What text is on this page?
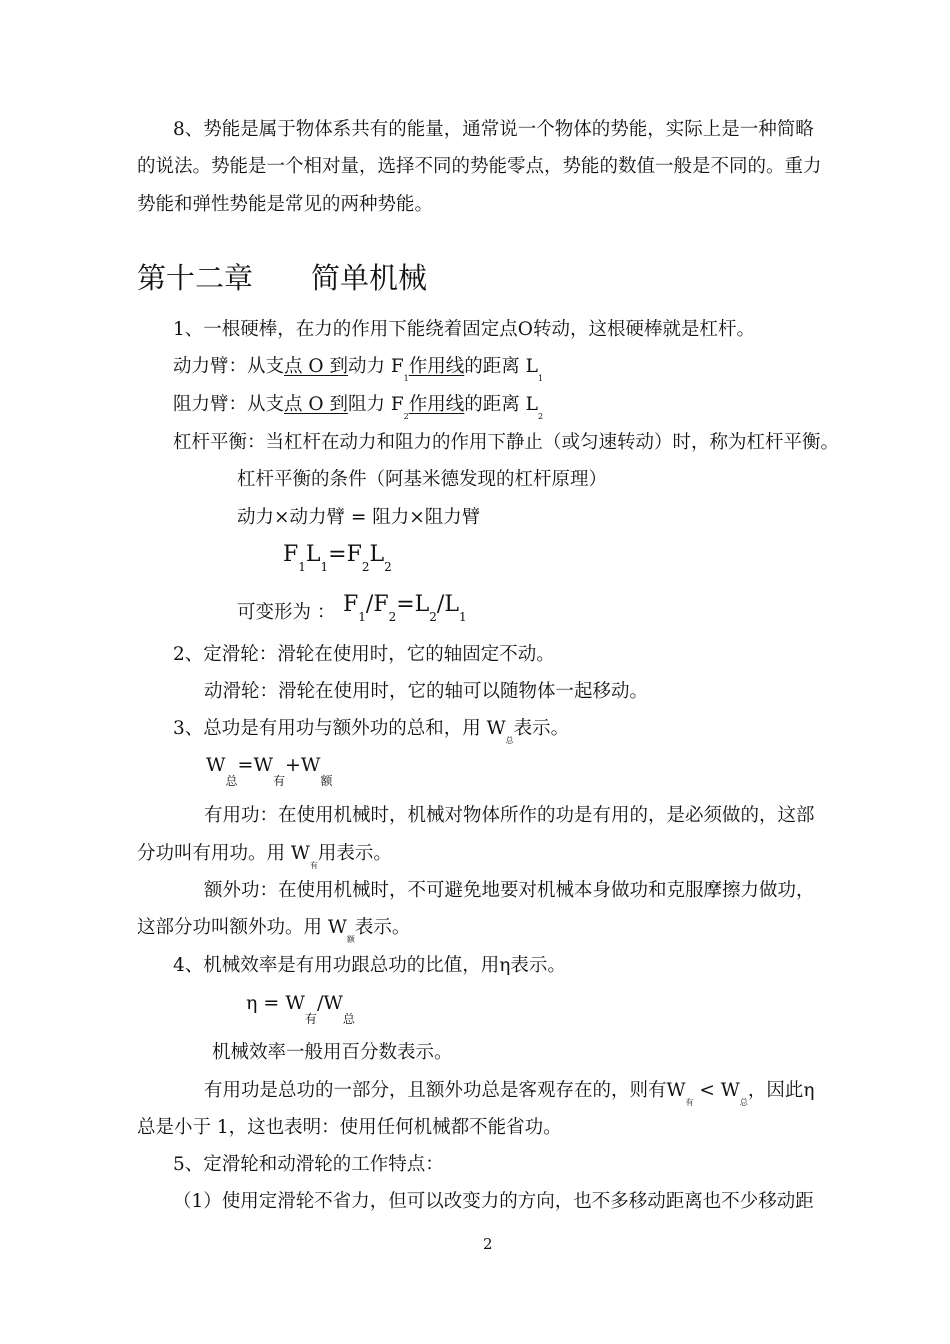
8、势能是属于物体系共有的能量，通常说一个物体的势能，实际上是一种简略
的说法。势能是一个相对量，选择不同的势能零点，势能的数值一般是不同的。重力
势能和弹性势能是常见的两种势能。
第十二章　　简单机械
1、一根硬棒，在力的作用下能绕着固定点O转动，这根硬棒就是杠杆。
动力臂：从支点 O 到动力 $F_1$作用线的距离 $L_1$
阻力臂：从支点 O 到阻力 $F_2$作用线的距离 $L_2$
杠杆平衡：当杠杆在动力和阻力的作用下静止（或匀速转动）时，称为杠杆平衡。
杠杆平衡的条件（阿基米德发现的杠杆原理）
动力×动力臂 = 阻力×阻力臂
$F_1L_1=F_2L_2$
可变形为 ： $F_1/F_2=L_2/L_1$
2、定滑轮：滑轮在使用时，它的轴固定不动。
动滑轮：滑轮在使用时，它的轴可以随物体一起移动。
3、总功是有用功与额外功的总和，用 $W_总$表示。
$W_总=W_有+W_额$
有用功：在使用机械时，机械对物体所作的功是有用的，是必须做的，这部
分功叫有用功。用 $W_有$用表示。
额外功：在使用机械时，不可避免地要对机械本身做功和克服摩擦力做功，
这部分功叫额外功。用 $W_额$表示。
4、机械效率是有用功跟总功的比值，用η表示。
$\eta = W_有/W_总$
机械效率一般用百分数表示。
有用功是总功的一部分，且额外功总是客观存在的，则有$W_有 < W_总$，因此η
总是小于 1，这也表明：使用任何机械都不能省功。
5、定滑轮和动滑轮的工作特点：
（1）使用定滑轮不省力，但可以改变力的方向，也不多移动距离也不少移动距
2
